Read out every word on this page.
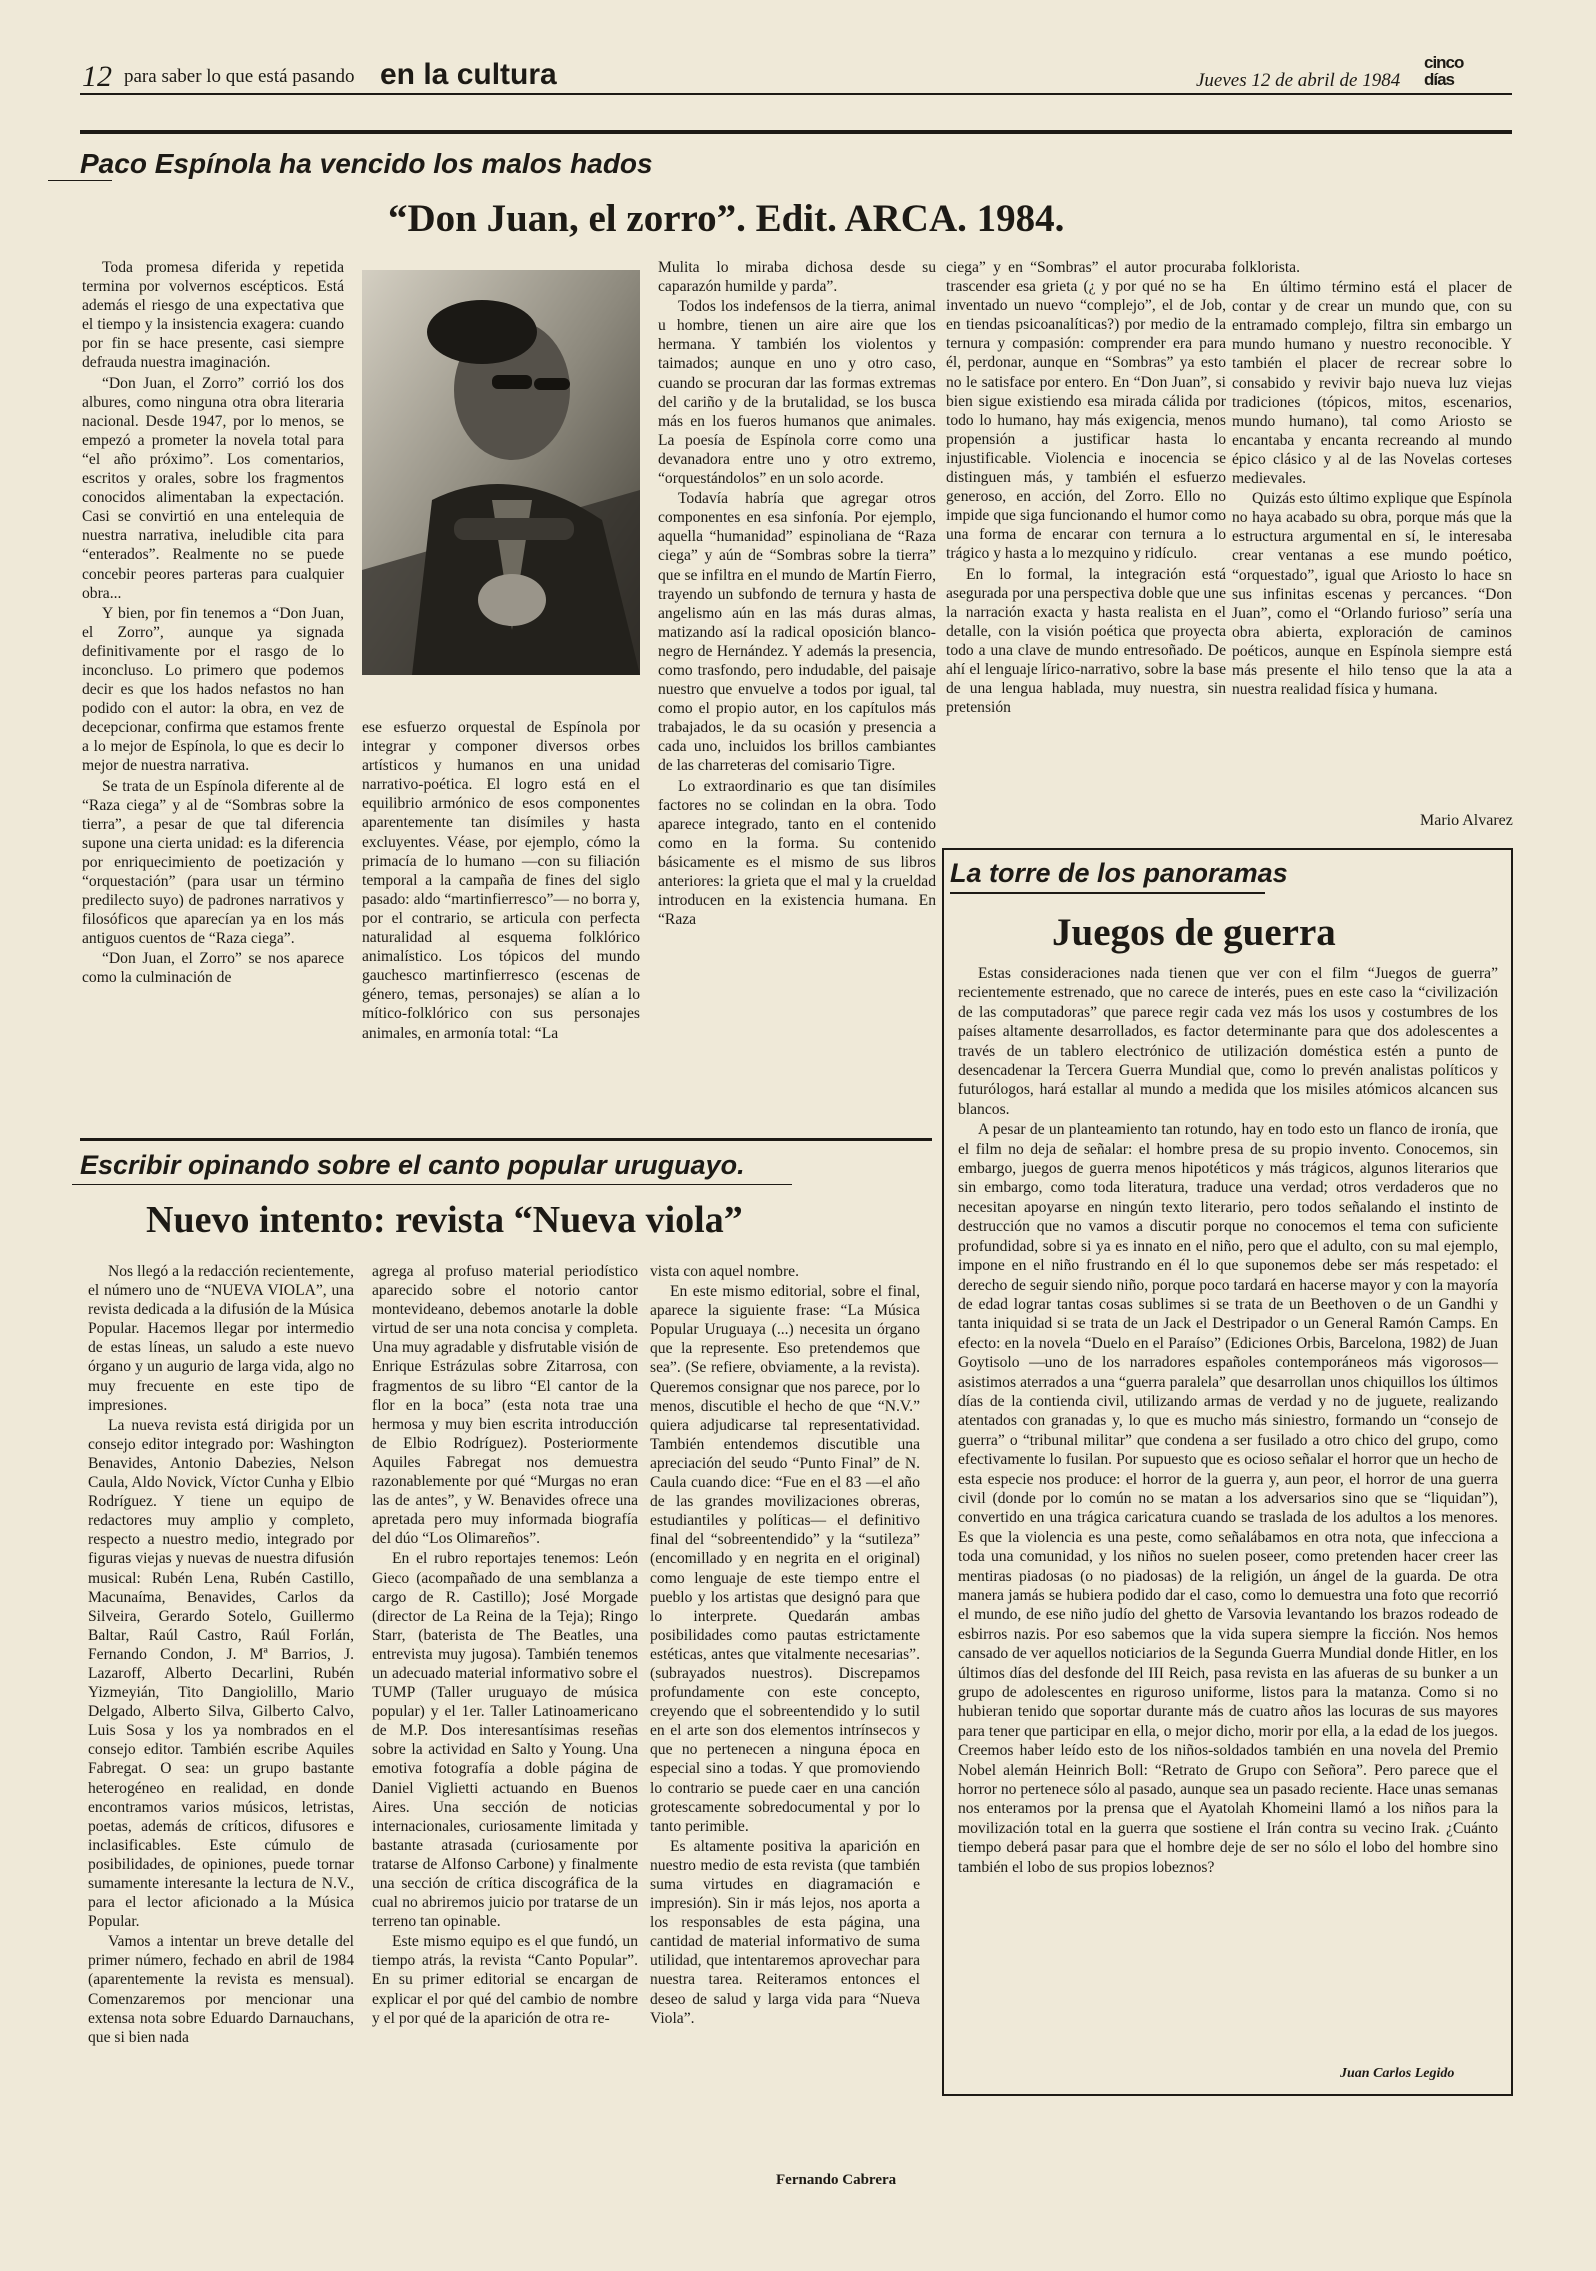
12 para saber lo que está pasando en la cultura	Jueves 12 de abril de 1984
cinco
días
Paco Espínola ha vencido los malos hados
“Don Juan, el zorro”. Edit. ARCA. 1984.

Toda promesa diferida y repetida termina por volvernos escépticos. Está además el riesgo de una expectativa que el tiempo y la insistencia exagera: cuando por fin se hace presente, casi siempre defrauda nuestra imaginación.

“Don Juan, el Zorro” corrió los dos albures, como ninguna otra obra literaria nacional. Desde 1947, por lo menos, se empezó a prometer la novela total para “el año próximo”. Los comentarios, escritos y orales, sobre los fragmentos conocidos alimentaban la expectación. Casi se convirtió en una entelequia de nuestra narrativa, ineludible cita para “enterados”. Realmente no se puede concebir peores parteras para cualquier obra...

Y bien, por fin tenemos a “Don Juan, el Zorro”, aunque ya signada definitivamente por el rasgo de lo inconcluso. Lo primero que podemos decir es que los hados nefastos no han podido con el autor: la obra, en vez de decepcionar, confirma que estamos frente a lo mejor de Espínola, lo que es decir lo mejor de nuestra narrativa.

Se trata de un Espínola diferente al de “Raza ciega” y al de “Sombras sobre la tierra”, a pesar de que tal diferencia supone una cierta unidad: es la diferencia por enriquecimiento de poetización y “orquestación” (para usar un término predilecto suyo) de padrones narrativos y filosóficos que aparecían ya en los más antiguos cuentos de “Raza ciega”.

“Don Juan, el Zorro” se nos aparece como la culminación de

ese esfuerzo orquestal de Espínola por integrar y componer diversos orbes artísticos y humanos en una unidad narrativo-poética. El logro está en el equilibrio armónico de esos componentes aparentemente tan disímiles y hasta excluyentes. Véase, por ejemplo, cómo la primacía de lo humano —con su filiación temporal a la campaña de fines del siglo pasado: aldo “martinfierresco”— no borra y, por el contrario, se articula con perfecta naturalidad al esquema folklórico animalístico. Los tópicos del mundo gauchesco martinfierresco (escenas de género, temas, personajes) se alían a lo mítico-folklórico con sus personajes animales, en armonía total: “La

Mulita lo miraba dichosa desde su caparazón humilde y parda”.

Todos los indefensos de la tierra, animal u hombre, tienen un aire aire que los hermana. Y también los violentos y taimados; aunque en uno y otro caso, cuando se procuran dar las formas extremas del cariño y de la brutalidad, se los busca más en los fueros humanos que animales. La poesía de Espínola corre como una devanadora entre uno y otro extremo, “orquestándolos” en un solo acorde.

Todavía habría que agregar otros componentes en esa sinfonía. Por ejemplo, aquella “humanidad” espinoliana de “Raza ciega” y aún de “Sombras sobre la tierra” que se infiltra en el mundo de Martín Fierro, trayendo un subfondo de ternura y hasta de angelismo aún en las más duras almas, matizando así la radical oposición blanco-negro de Hernández. Y además la presencia, como trasfondo, pero indudable, del paisaje nuestro que envuelve a todos por igual, tal como el propio autor, en los capítulos más trabajados, le da su ocasión y presencia a cada uno, incluidos los brillos cambiantes de las charreteras del comisario Tigre.

Lo extraordinario es que tan disímiles factores no se colindan en la obra. Todo aparece integrado, tanto en el contenido como en la forma. Su contenido básicamente es el mismo de sus libros anteriores: la grieta que el mal y la crueldad introducen en la existencia humana. En “Raza

ciega” y en “Sombras” el autor procuraba trascender esa grieta (¿ y por qué no se ha inventado un nuevo “complejo”, el de Job, en tiendas psicoanalíticas?) por medio de la ternura y compasión: comprender era para él, perdonar, aunque en “Sombras” ya esto no le satisface por entero. En “Don Juan”, si bien sigue existiendo esa mirada cálida por todo lo humano, hay más exigencia, menos propensión a justificar hasta lo injustificable. Violencia e inocencia se distinguen más, y también el esfuerzo generoso, en acción, del Zorro. Ello no impide que siga funcionando el humor como una forma de encarar con ternura a lo trágico y hasta a lo mezquino y ridículo.

En lo formal, la integración está asegurada por una perspectiva doble que une la narración exacta y hasta realista en el detalle, con la visión poética que proyecta todo a una clave de mundo entresoñado. De ahí el lenguaje lírico-narrativo, sobre la base de una lengua hablada, muy nuestra, sin pretensión

folklorista.

En último término está el placer de contar y de crear un mundo que, con su entramado complejo, filtra sin embargo un mundo humano y nuestro reconocible. Y también el placer de recrear sobre lo consabido y revivir bajo nueva luz viejas tradiciones (tópicos, mitos, escenarios, mundo humano), tal como Ariosto se encantaba y encanta recreando al mundo épico clásico y al de las Novelas corteses medievales.

Quizás esto último explique que Espínola no haya acabado su obra, porque más que la estructura argumental en sí, le interesaba crear ventanas a ese mundo poético, “orquestado”, igual que Ariosto lo hace sn sus infinitas escenas y percances. “Don Juan”, como el “Orlando furioso” sería una obra abierta, exploración de caminos poéticos, aunque en Espínola siempre está más presente el hilo tenso que la ata a nuestra realidad física y humana.

Mario Alvarez
La torre de los panoramas
Juegos de guerra

Estas consideraciones nada tienen que ver con el film “Juegos de guerra” recientemente estrenado, que no carece de interés, pues en este caso la “civilización de las computadoras” que parece regir cada vez más los usos y costumbres de los países altamente desarrollados, es factor determinante para que dos adolescentes a través de un tablero electrónico de utilización doméstica estén a punto de desencadenar la Tercera Guerra Mundial que, como lo prevén analistas políticos y futurólogos, hará estallar al mundo a medida que los misiles atómicos alcancen sus blancos.

A pesar de un planteamiento tan rotundo, hay en todo esto un flanco de ironía, que el film no deja de señalar: el hombre presa de su propio invento. Conocemos, sin embargo, juegos de guerra menos hipotéticos y más trágicos, algunos literarios que sin embargo, como toda literatura, traduce una verdad; otros verdaderos que no necesitan apoyarse en ningún texto literario, pero todos señalando el instinto de destrucción que no vamos a discutir porque no conocemos el tema con suficiente profundidad, sobre si ya es innato en el niño, pero que el adulto, con su mal ejemplo, impone en el niño frustrando en él lo que suponemos debe ser más respetado: el derecho de seguir siendo niño, porque poco tardará en hacerse mayor y con la mayoría de edad lograr tantas cosas sublimes si se trata de un Beethoven o de un Gandhi y tanta iniquidad si se trata de un Jack el Destripador o un General Ramón Camps. En efecto: en la novela “Duelo en el Paraíso” (Ediciones Orbis, Barcelona, 1982) de Juan Goytisolo —uno de los narradores españoles contemporáneos más vigorosos— asistimos aterrados a una “guerra paralela” que desarrollan unos chiquillos los últimos días de la contienda civil, utilizando armas de verdad y no de juguete, realizando atentados con granadas y, lo que es mucho más siniestro, formando un “consejo de guerra” o “tribunal militar” que condena a ser fusilado a otro chico del grupo, como efectivamente lo fusilan. Por supuesto que es ocioso señalar el horror que un hecho de esta especie nos produce: el horror de la guerra y, aun peor, el horror de una guerra civil (donde por lo común no se matan a los adversarios sino que se “liquidan”), convertido en una trágica caricatura cuando se traslada de los adultos a los menores. Es que la violencia es una peste, como señalábamos en otra nota, que infecciona a toda una comunidad, y los niños no suelen poseer, como pretenden hacer creer las mentiras piadosas (o no piadosas) de la religión, un ángel de la guarda. De otra manera jamás se hubiera podido dar el caso, como lo demuestra una foto que recorrió el mundo, de ese niño judío del ghetto de Varsovia levantando los brazos rodeado de esbirros nazis. Por eso sabemos que la vida supera siempre la ficción. Nos hemos cansado de ver aquellos noticiarios de la Segunda Guerra Mundial donde Hitler, en los últimos días del desfonde del III Reich, pasa revista en las afueras de su bunker a un grupo de adolescentes en riguroso uniforme, listos para la matanza. Como si no hubieran tenido que soportar durante más de cuatro años las locuras de sus mayores para tener que participar en ella, o mejor dicho, morir por ella, a la edad de los juegos. Creemos haber leído esto de los niños-soldados también en una novela del Premio Nobel alemán Heinrich Boll: “Retrato de Grupo con Señora”. Pero parece que el horror no pertenece sólo al pasado, aunque sea un pasado reciente. Hace unas semanas nos enteramos por la prensa que el Ayatolah Khomeini llamó a los niños para la movilización total en la guerra que sostiene el Irán contra su vecino Irak. ¿Cuánto tiempo deberá pasar para que el hombre deje de ser no sólo el lobo del hombre sino también el lobo de sus propios lobeznos?

Juan Carlos Legido
Escribir opinando sobre el canto popular uruguayo.
Nuevo intento: revista “Nueva viola”

Nos llegó a la redacción recientemente, el número uno de “NUEVA VIOLA”, una revista dedicada a la difusión de la Música Popular. Hacemos llegar por intermedio de estas líneas, un saludo a este nuevo órgano y un augurio de larga vida, algo no muy frecuente en este tipo de impresiones.

La nueva revista está dirigida por un consejo editor integrado por: Washington Benavides, Antonio Dabezies, Nelson Caula, Aldo Novick, Víctor Cunha y Elbio Rodríguez. Y tiene un equipo de redactores muy amplio y completo, respecto a nuestro medio, integrado por figuras viejas y nuevas de nuestra difusión musical: Rubén Lena, Rubén Castillo, Macunaíma, Benavides, Carlos da Silveira, Gerardo Sotelo, Guillermo Baltar, Raúl Castro, Raúl Forlán, Fernando Condon, J. Mª Barrios, J. Lazaroff, Alberto Decarlini, Rubén Yizmeyián, Tito Dangiolillo, Mario Delgado, Alberto Silva, Gilberto Calvo, Luis Sosa y los ya nombrados en el consejo editor. También escribe Aquiles Fabregat. O sea: un grupo bastante heterogéneo en realidad, en donde encontramos varios músicos, letristas, poetas, además de críticos, difusores e inclasificables. Este cúmulo de posibilidades, de opiniones, puede tornar sumamente interesante la lectura de N.V., para el lector aficionado a la Música Popular.

Vamos a intentar un breve detalle del primer número, fechado en abril de 1984 (aparentemente la revista es mensual). Comenzaremos por mencionar una extensa nota sobre Eduardo Darnauchans, que si bien nada

agrega al profuso material periodístico aparecido sobre el notorio cantor montevideano, debemos anotarle la doble virtud de ser una nota concisa y completa. Una muy agradable y disfrutable visión de Enrique Estrázulas sobre Zitarrosa, con fragmentos de su libro “El cantor de la flor en la boca” (esta nota trae una hermosa y muy bien escrita introducción de Elbio Rodríguez). Posteriormente Aquiles Fabregat nos demuestra razonablemente por qué “Murgas no eran las de antes”, y W. Benavides ofrece una apretada pero muy informada biografía del dúo “Los Olimareños”.

En el rubro reportajes tenemos: León Gieco (acompañado de una semblanza a cargo de R. Castillo); José Morgade (director de La Reina de la Teja); Ringo Starr, (baterista de The Beatles, una entrevista muy jugosa). También tenemos un adecuado material informativo sobre el TUMP (Taller uruguayo de música popular) y el 1er. Taller Latinoamericano de M.P. Dos interesantísimas reseñas sobre la actividad en Salto y Young. Una emotiva fotografía a doble página de Daniel Viglietti actuando en Buenos Aires. Una sección de noticias internacionales, curiosamente limitada y bastante atrasada (curiosamente por tratarse de Alfonso Carbone) y finalmente una sección de crítica discográfica de la cual no abriremos juicio por tratarse de un terreno tan opinable.

Este mismo equipo es el que fundó, un tiempo atrás, la revista “Canto Popular”. En su primer editorial se encargan de explicar el por qué del cambio de nombre y el por qué de la aparición de otra re-

vista con aquel nombre.

En este mismo editorial, sobre el final, aparece la siguiente frase: “La Música Popular Uruguaya (...) necesita un órgano que la represente. Eso pretendemos que sea”. (Se refiere, obviamente, a la revista). Queremos consignar que nos parece, por lo menos, discutible el hecho de que “N.V.” quiera adjudicarse tal representatividad. También entendemos discutible una apreciación del seudo “Punto Final” de N. Caula cuando dice: “Fue en el 83 —el año de las grandes movilizaciones obreras, estudiantiles y políticas— el definitivo final del “sobreentendido” y la “sutileza” (encomillado y en negrita en el original) como lenguaje de este tiempo entre el pueblo y los artistas que designó para que lo interprete. Quedarán ambas posibilidades como pautas estrictamente estéticas, antes que vitalmente necesarias”. (subrayados nuestros). Discrepamos profundamente con este concepto, creyendo que el sobreentendido y lo sutil en el arte son dos elementos intrínsecos y que no pertenecen a ninguna época en especial sino a todas. Y que promoviendo lo contrario se puede caer en una canción grotescamente sobredocumental y por lo tanto perimible.

Es altamente positiva la aparición en nuestro medio de esta revista (que también suma virtudes en diagramación e impresión). Sin ir más lejos, nos aporta a los responsables de esta página, una cantidad de material informativo de suma utilidad, que intentaremos aprovechar para nuestra tarea. Reiteramos entonces el deseo de salud y larga vida para “Nueva Viola”.

Fernando Cabrera
